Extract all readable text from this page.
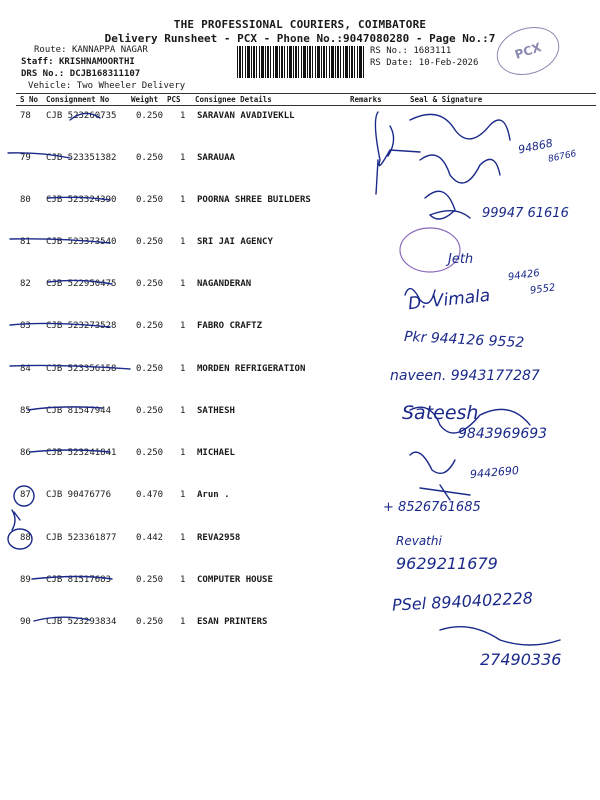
THE PROFESSIONAL COURIERS, COIMBATORE
Delivery Runsheet - PCX - Phone No.:9047080280 - Page No.:7
Route: KANNAPPA NAGAR
Staff: KRISHNAMOORTHI
DRS No.: DCJB168311107
Vehicle: Two Wheeler Delivery
RS No.: 1683111
RS Date: 10-Feb-2026
PCX
S No Consignment No	Weight PCS Consignee Details	Remarks	Seal & Signature
78 CJB 523260735 0.250 1 SARAVAN AVADIVEKLL
79 CJB 523351382 0.250 1 SARAUAA
80 CJB 523324390 0.250 1 POORNA SHREE BUILDERS
81 CJB 523373540 0.250 1 SRI JAI AGENCY
82 CJB 522950475 0.250 1 NAGANDERAN
83 CJB 523273528 0.250 1 FABRO CRAFTZ
84 CJB 523356158 0.250 1 MORDEN REFRIGERATION
85 CJB 81547944	0.250 1 SATHESH
86 CJB 523241841 0.250 1 MICHAEL
87 CJB 90476776	0.470 1 Arun .
88 CJB 523361877 0.442 1 REVA2958
89 CJB 81517683	0.250 1 COMPUTER HOUSE
90 CJB 523293834 0.250 1 ESAN PRINTERS
94868
86766
99947 61616
Jeth
94426
9552
D. Vimala
Pkr 944126 9552
naveen. 9943177287
Sateesh
9843969693
9442690
+ 8526761685
Revathi
9629211679
PSel 8940402228
27490336
